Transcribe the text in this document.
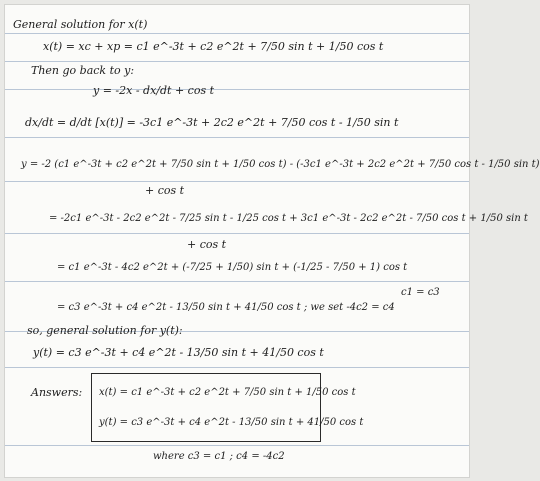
General solution for x(t)
x(t) = xc + xp = c1 e^-3t + c2 e^2t + 7/50 sin t + 1/50 cos t
Then go back to y:
y = -2x - dx/dt + cos t
dx/dt = d/dt [x(t)] = -3c1 e^-3t + 2c2 e^2t + 7/50 cos t - 1/50 sin t
y = -2 (c1 e^-3t + c2 e^2t + 7/50 sin t + 1/50 cos t) - (-3c1 e^-3t + 2c2 e^2t + 7/50 cos t - 1/50 sin t)
+ cos t
= -2c1 e^-3t - 2c2 e^2t - 7/25 sin t - 1/25 cos t + 3c1 e^-3t - 2c2 e^2t - 7/50 cos t + 1/50 sin t
+ cos t
= c1 e^-3t - 4c2 e^2t + (-7/25 + 1/50) sin t + (-1/25 - 7/50 + 1) cos t
c1 = c3
= c3 e^-3t + c4 e^2t - 13/50 sin t + 41/50 cos t ; we set -4c2 = c4
so, general solution for y(t):
y(t) = c3 e^-3t + c4 e^2t - 13/50 sin t + 41/50 cos t
Answers: x(t) = c1 e^-3t + c2 e^2t + 7/50 sin t + 1/50 cos t
y(t) = c3 e^-3t + c4 e^2t - 13/50 sin t + 41/50 cos t
where c3 = c1 ; c4 = -4c2
